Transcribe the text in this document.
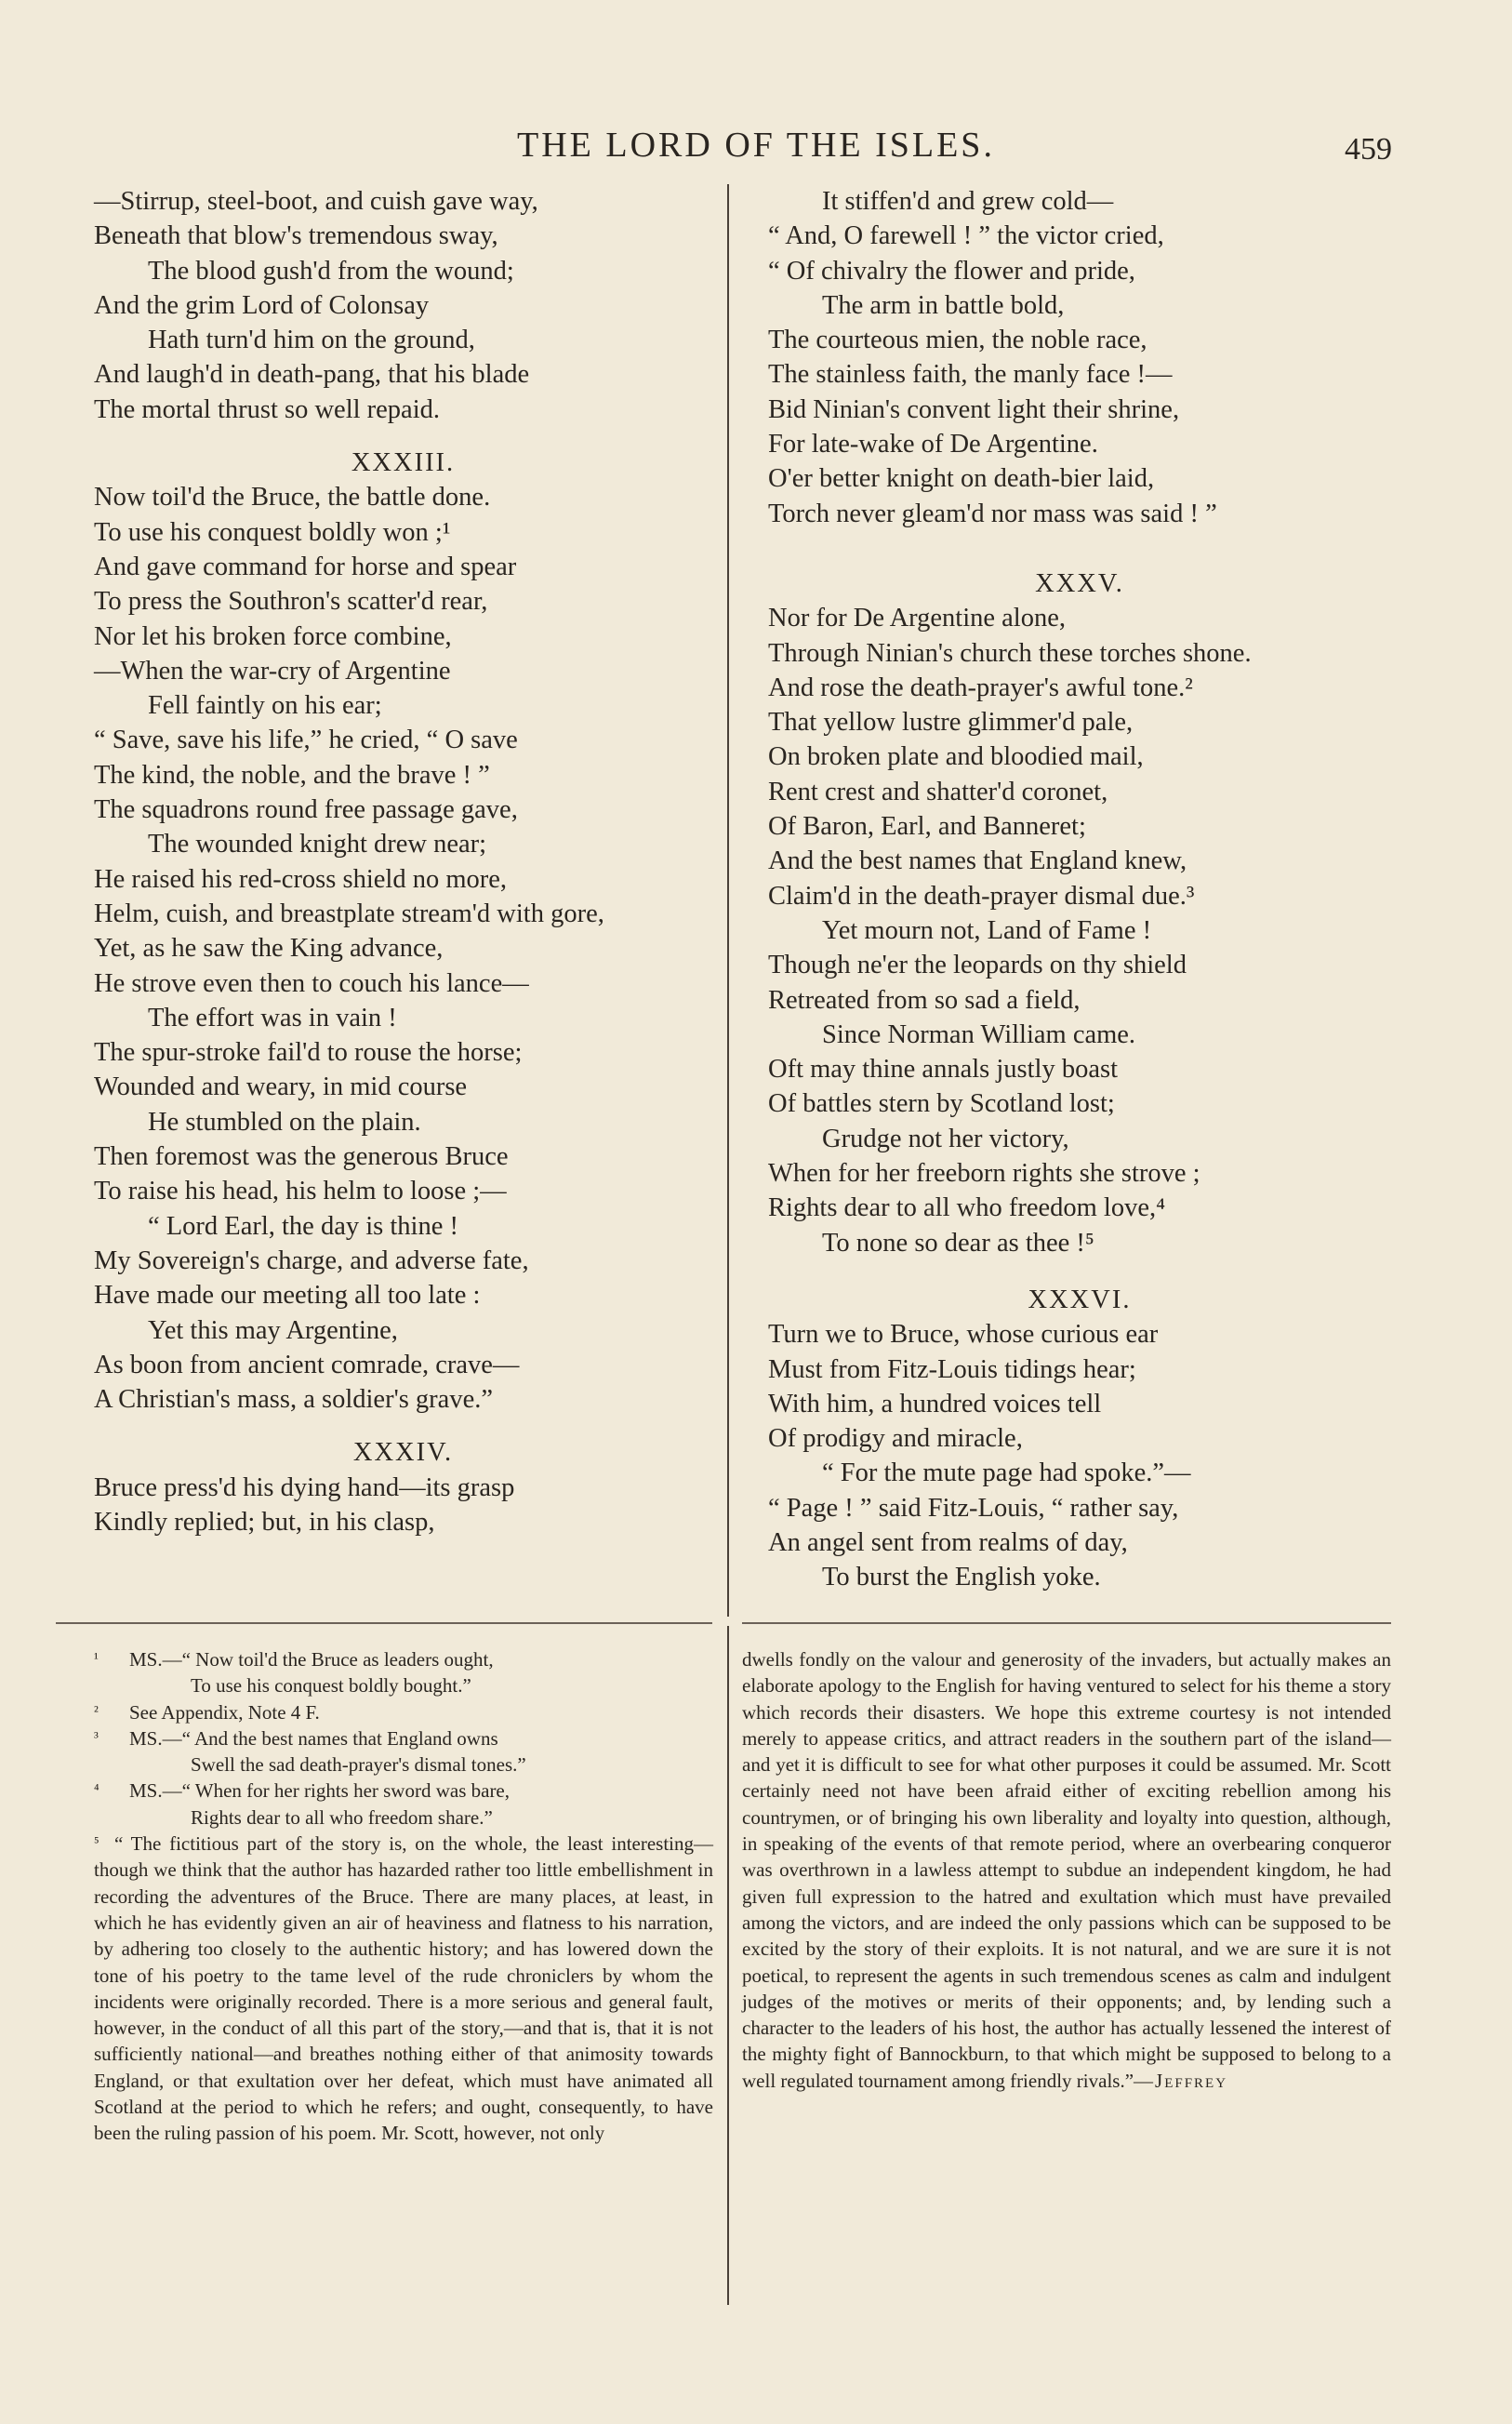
THE LORD OF THE ISLES.	459
—Stirrup, steel-boot, and cuish gave way,
Beneath that blow's tremendous sway,
The blood gush'd from the wound;
And the grim Lord of Colonsay
Hath turn'd him on the ground,
And laugh'd in death-pang, that his blade
The mortal thrust so well repaid.
XXXIII.
Now toil'd the Bruce, the battle done.
To use his conquest boldly won ;¹
And gave command for horse and spear
To press the Southron's scatter'd rear,
Nor let his broken force combine,
—When the war-cry of Argentine
Fell faintly on his ear;
“ Save, save his life,” he cried, “ O save
The kind, the noble, and the brave ! ”
The squadrons round free passage gave,
The wounded knight drew near;
He raised his red-cross shield no more,
Helm, cuish, and breastplate stream'd with gore,
Yet, as he saw the King advance,
He strove even then to couch his lance—
The effort was in vain !
The spur-stroke fail'd to rouse the horse;
Wounded and weary, in mid course
He stumbled on the plain.
Then foremost was the generous Bruce
To raise his head, his helm to loose ;—
“ Lord Earl, the day is thine !
My Sovereign's charge, and adverse fate,
Have made our meeting all too late :
Yet this may Argentine,
As boon from ancient comrade, crave—
A Christian's mass, a soldier's grave.”
XXXIV.
Bruce press'd his dying hand—its grasp
Kindly replied; but, in his clasp,
It stiffen'd and grew cold—
“ And, O farewell ! ” the victor cried,
“ Of chivalry the flower and pride,
The arm in battle bold,
The courteous mien, the noble race,
The stainless faith, the manly face !—
Bid Ninian's convent light their shrine,
For late-wake of De Argentine.
O'er better knight on death-bier laid,
Torch never gleam'd nor mass was said ! ”
XXXV.
Nor for De Argentine alone,
Through Ninian's church these torches shone.
And rose the death-prayer's awful tone.²
That yellow lustre glimmer'd pale,
On broken plate and bloodied mail,
Rent crest and shatter'd coronet,
Of Baron, Earl, and Banneret;
And the best names that England knew,
Claim'd in the death-prayer dismal due.³
Yet mourn not, Land of Fame !
Though ne'er the leopards on thy shield
Retreated from so sad a field,
Since Norman William came.
Oft may thine annals justly boast
Of battles stern by Scotland lost;
Grudge not her victory,
When for her freeborn rights she strove ;
Rights dear to all who freedom love,⁴
To none so dear as thee !⁵
XXXVI.
Turn we to Bruce, whose curious ear
Must from Fitz-Louis tidings hear;
With him, a hundred voices tell
Of prodigy and miracle,
“ For the mute page had spoke.”—
“ Page ! ” said Fitz-Louis, “ rather say,
An angel sent from realms of day,
To burst the English yoke.

¹ MS.—“ Now toil'd the Bruce as leaders ought,

To use his conquest boldly bought.”

² See Appendix, Note 4 F.

³ MS.—“ And the best names that England owns

Swell the sad death-prayer's dismal tones.”

⁴ MS.—“ When for her rights her sword was bare,

Rights dear to all who freedom share.”

⁵ “ The fictitious part of the story is, on the whole, the least interesting—though we think that the author has hazarded rather too little embellishment in recording the adventures of the Bruce. There are many places, at least, in which he has evidently given an air of heaviness and flatness to his narration, by adhering too closely to the authentic history; and has lowered down the tone of his poetry to the tame level of the rude chroniclers by whom the incidents were originally recorded. There is a more serious and general fault, however, in the conduct of all this part of the story,—and that is, that it is not sufficiently national—and breathes nothing either of that animosity towards England, or that exultation over her defeat, which must have animated all Scotland at the period to which he refers; and ought, consequently, to have been the ruling passion of his poem. Mr. Scott, however, not only

dwells fondly on the valour and generosity of the invaders, but actually makes an elaborate apology to the English for having ventured to select for his theme a story which records their disasters. We hope this extreme courtesy is not intended merely to appease critics, and attract readers in the southern part of the island—and yet it is difficult to see for what other purposes it could be assumed. Mr. Scott certainly need not have been afraid either of exciting rebellion among his countrymen, or of bringing his own liberality and loyalty into question, although, in speaking of the events of that remote period, where an overbearing conqueror was overthrown in a lawless attempt to subdue an independent kingdom, he had given full expression to the hatred and exultation which must have prevailed among the victors, and are indeed the only passions which can be supposed to be excited by the story of their exploits. It is not natural, and we are sure it is not poetical, to represent the agents in such tremendous scenes as calm and indulgent judges of the motives or merits of their opponents; and, by lending such a character to the leaders of his host, the author has actually lessened the interest of the mighty fight of Bannockburn, to that which might be supposed to belong to a well regulated tournament among friendly rivals.”—Jeffrey
